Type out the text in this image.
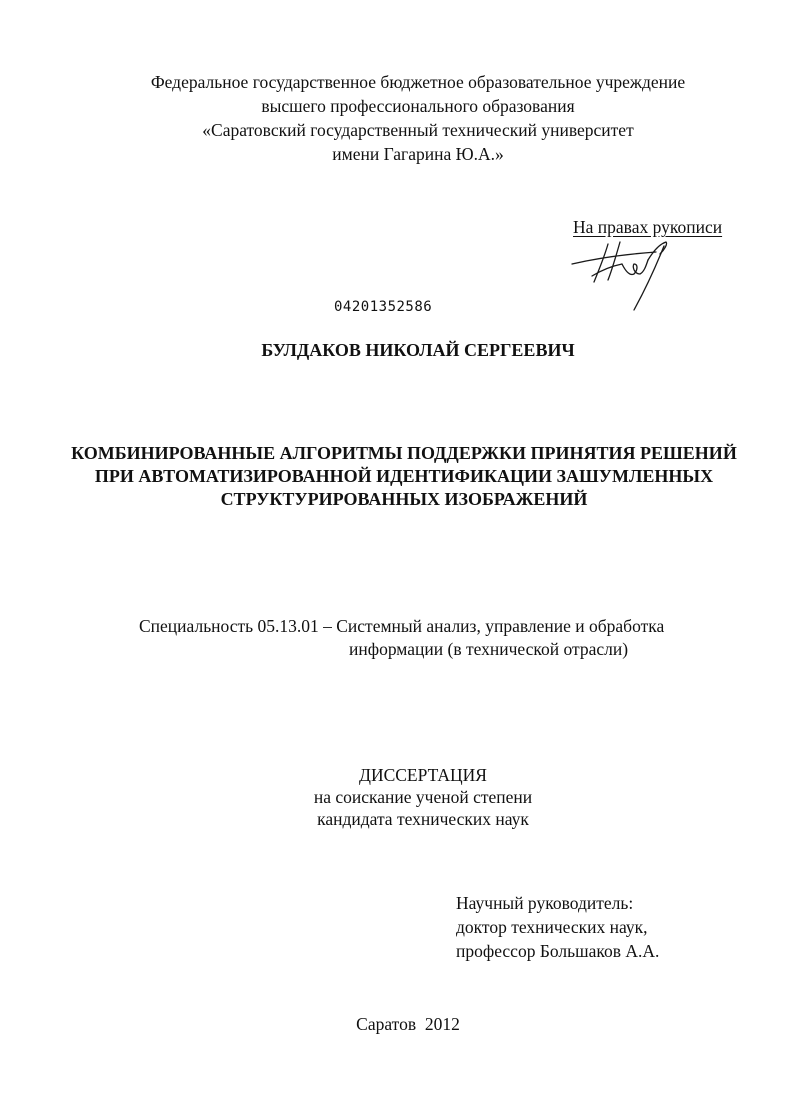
Федеральное государственное бюджетное образовательное учреждение
высшего профессионального образования
«Саратовский государственный технический университет
имени Гагарина Ю.А.»
На правах рукописи
04201352586
БУЛДАКОВ НИКОЛАЙ СЕРГЕЕВИЧ
КОМБИНИРОВАННЫЕ АЛГОРИТМЫ ПОДДЕРЖКИ ПРИНЯТИЯ РЕШЕНИЙ
ПРИ АВТОМАТИЗИРОВАННОЙ ИДЕНТИФИКАЦИИ ЗАШУМЛЕННЫХ
СТРУКТУРИРОВАННЫХ ИЗОБРАЖЕНИЙ
Специальность 05.13.01 – Системный анализ, управление и обработка
информации (в технической отрасли)
ДИССЕРТАЦИЯ
на соискание ученой степени
кандидата технических наук
Научный руководитель:
доктор технических наук,
профессор Большаков А.А.
Саратов  2012
